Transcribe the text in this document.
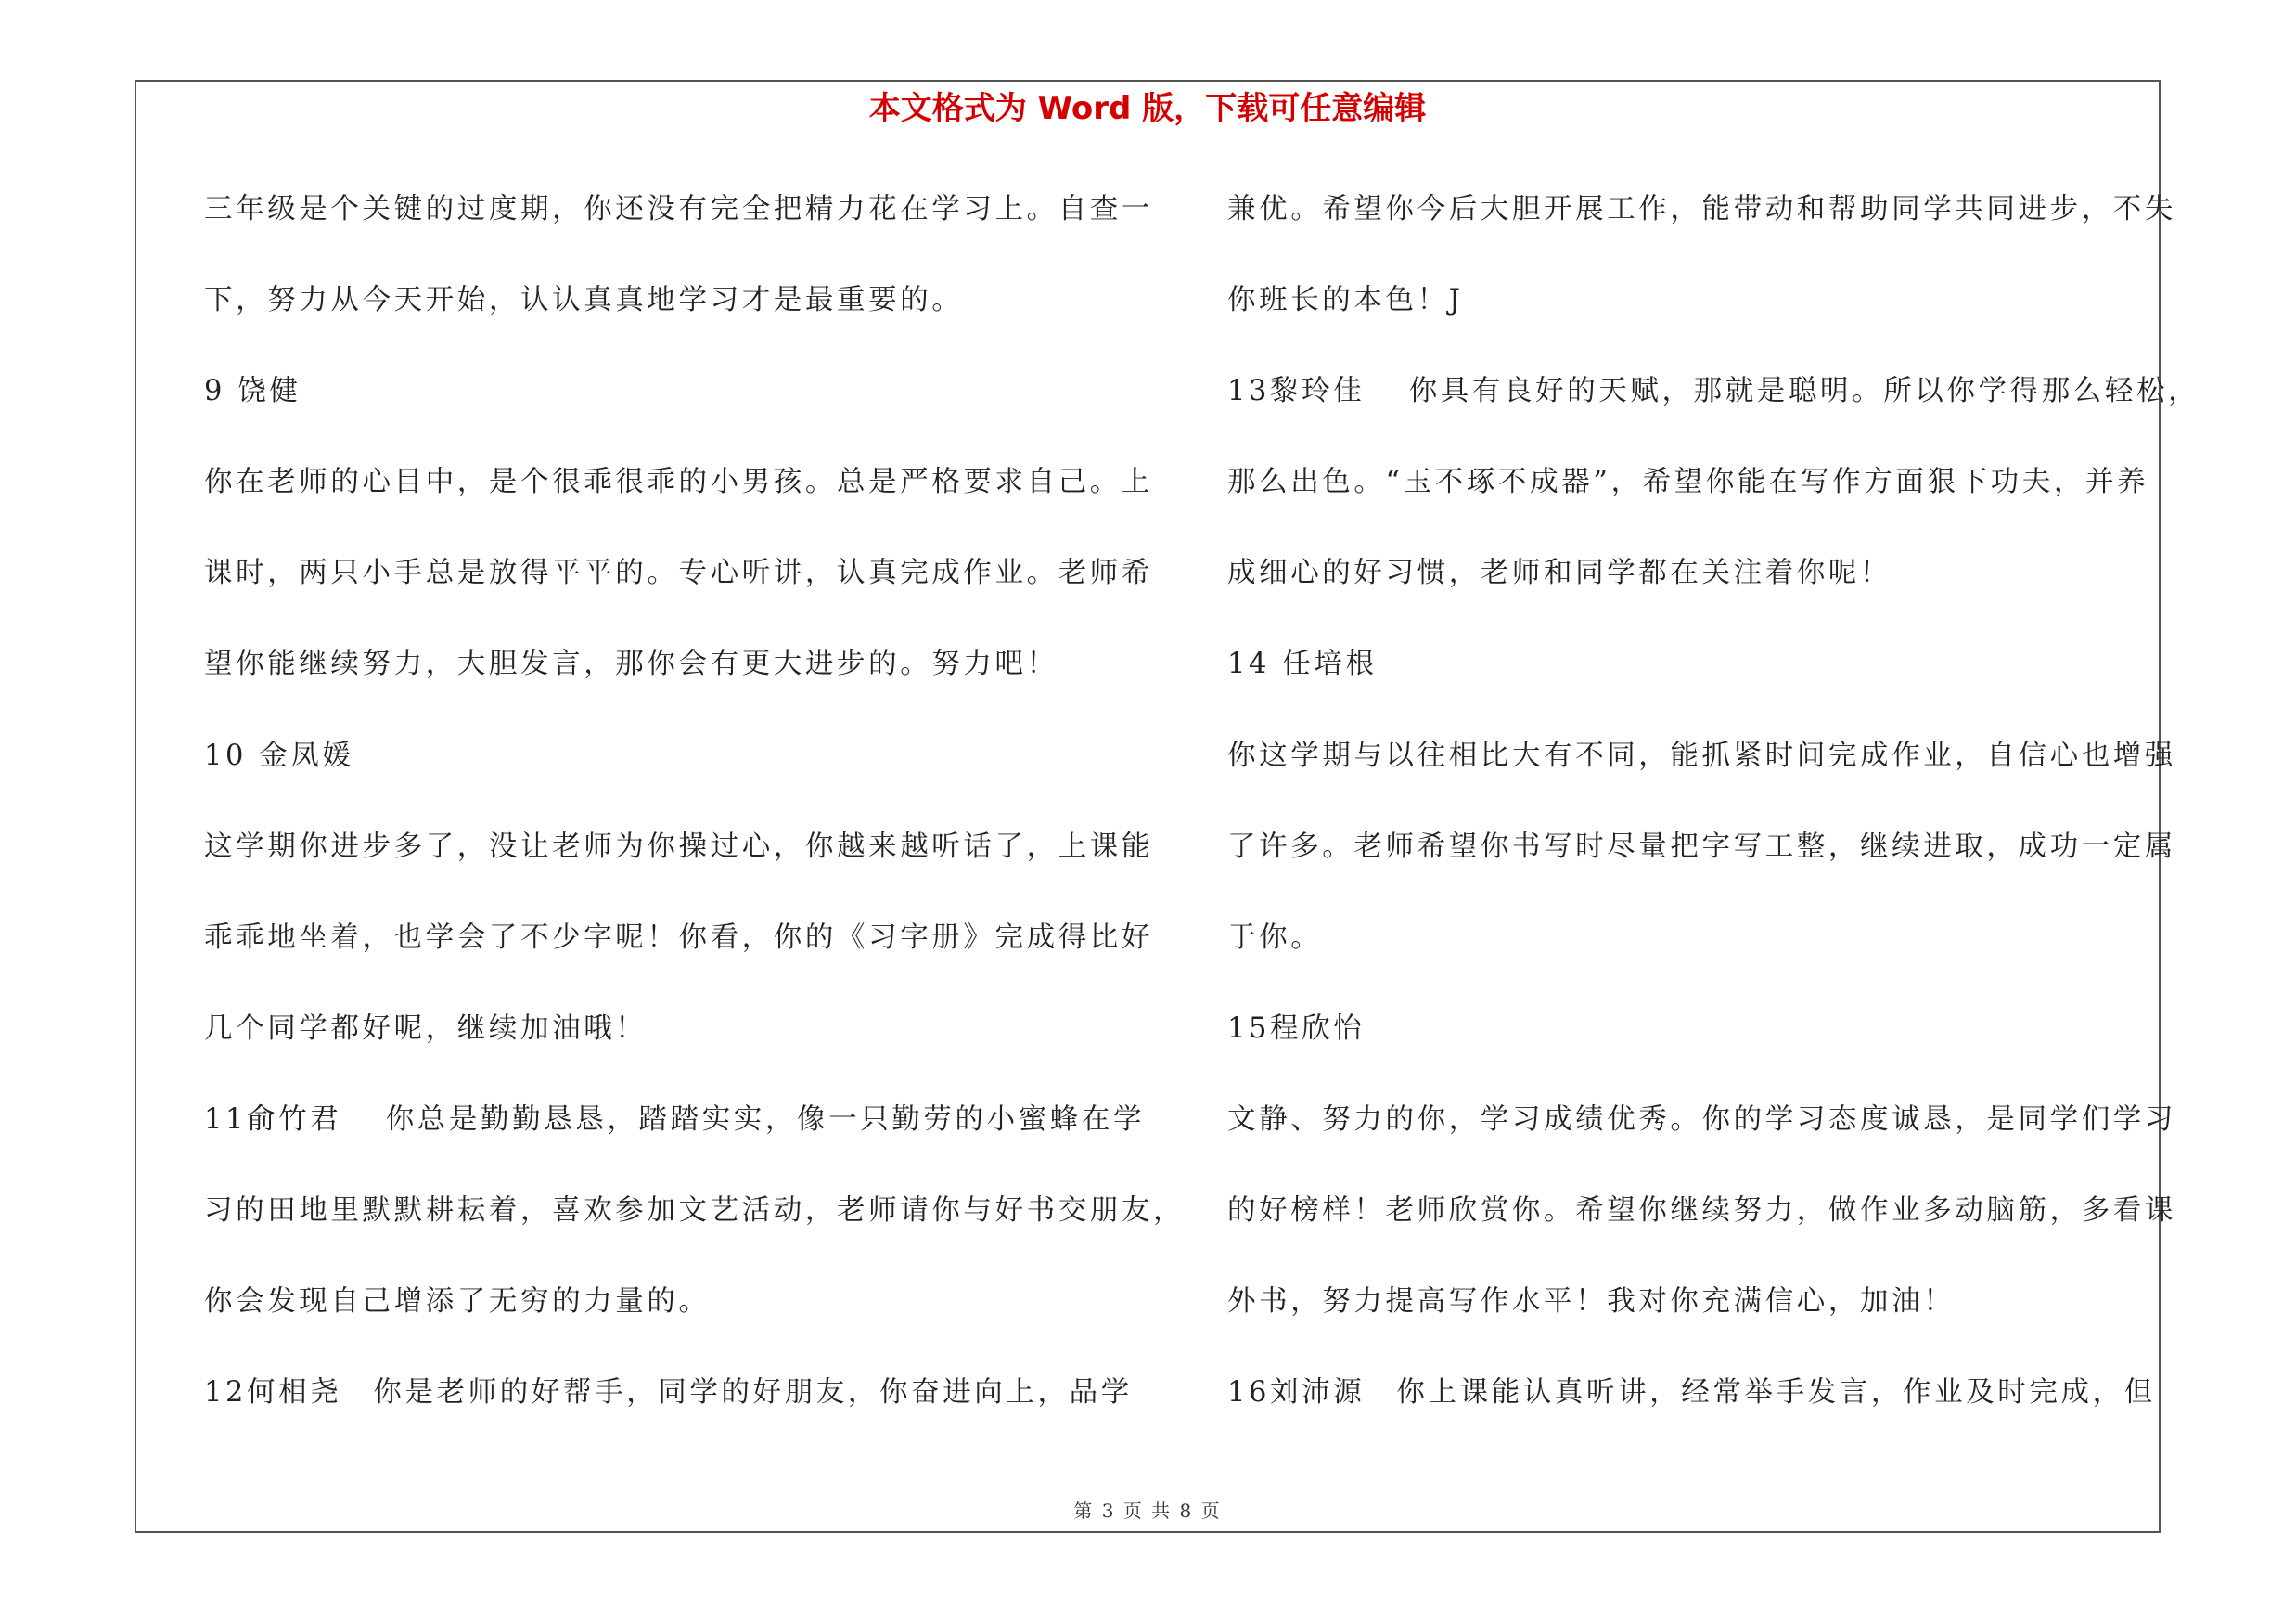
本文格式为 Word 版，下载可任意编辑
三年级是个关键的过度期，你还没有完全把精力花在学习上。自查一
下，努力从今天开始，认认真真地学习才是最重要的。
9 饶健
你在老师的心目中，是个很乖很乖的小男孩。总是严格要求自己。上
课时，两只小手总是放得平平的。专心听讲，认真完成作业。老师希
望你能继续努力，大胆发言，那你会有更大进步的。努力吧！
10 金凤媛
这学期你进步多了，没让老师为你操过心，你越来越听话了，上课能
乖乖地坐着，也学会了不少字呢！你看，你的《习字册》完成得比好
几个同学都好呢，继续加油哦！
11俞竹君　 你总是勤勤恳恳，踏踏实实，像一只勤劳的小蜜蜂在学
习的田地里默默耕耘着，喜欢参加文艺活动，老师请你与好书交朋友，
你会发现自己增添了无穷的力量的。
12何相尧　你是老师的好帮手，同学的好朋友，你奋进向上，品学
兼优。希望你今后大胆开展工作，能带动和帮助同学共同进步，不失
你班长的本色！J
13黎玲佳　 你具有良好的天赋，那就是聪明。所以你学得那么轻松，
那么出色。“玉不琢不成器”，希望你能在写作方面狠下功夫，并养
成细心的好习惯，老师和同学都在关注着你呢！
14 任培根
你这学期与以往相比大有不同，能抓紧时间完成作业，自信心也增强
了许多。老师希望你书写时尽量把字写工整，继续进取，成功一定属
于你。
15程欣怡
文静、努力的你，学习成绩优秀。你的学习态度诚恳，是同学们学习
的好榜样！老师欣赏你。希望你继续努力，做作业多动脑筋，多看课
外书，努力提高写作水平！我对你充满信心，加油！
16刘沛源　你上课能认真听讲，经常举手发言，作业及时完成，但
第 3 页 共 8 页
